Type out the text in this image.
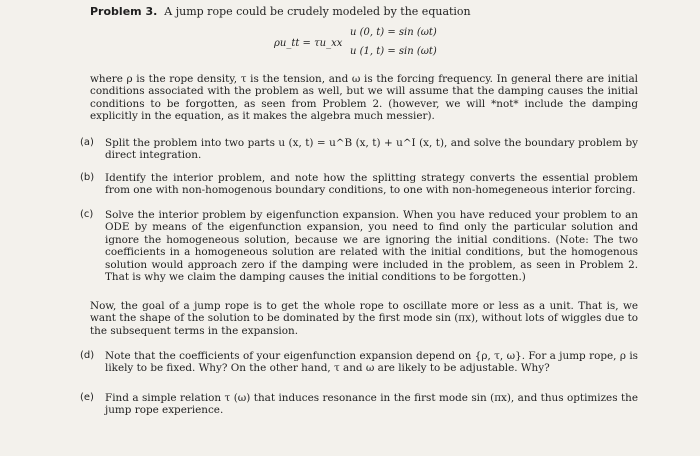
Problem 3. A jump rope could be crudely modeled by the equation
ρu_tt = τu_xx
u (0, t) = sin (ωt)
u (1, t) = sin (ωt)
where ρ is the rope density, τ is the tension, and ω is the forcing frequency. In general there are initial conditions associated with the problem as well, but we will assume that the damping causes the initial conditions to be forgotten, as seen from Problem 2. (however, we will *not* include the damping explicitly in the equation, as it makes the algebra much messier).
(a) Split the problem into two parts u (x, t) = u^B (x, t) + u^I (x, t), and solve the boundary problem by direct integration.
(b) Identify the interior problem, and note how the splitting strategy converts the essential problem from one with non-homogenous boundary conditions, to one with non-homegeneous interior forcing.
(c) Solve the interior problem by eigenfunction expansion. When you have reduced your problem to an ODE by means of the eigenfunction expansion, you need to find only the particular solution and ignore the homogeneous solution, because we are ignoring the initial conditions. (Note: The two coefficients in a homogeneous solution are related with the initial conditions, but the homogenous solution would approach zero if the damping were included in the problem, as seen in Problem 2. That is why we claim the damping causes the initial conditions to be forgotten.)
Now, the goal of a jump rope is to get the whole rope to oscillate more or less as a unit. That is, we want the shape of the solution to be dominated by the first mode sin (πx), without lots of wiggles due to the subsequent terms in the expansion.
(d) Note that the coefficients of your eigenfunction expansion depend on {ρ, τ, ω}. For a jump rope, ρ is likely to be fixed. Why? On the other hand, τ and ω are likely to be adjustable. Why?
(e) Find a simple relation τ (ω) that induces resonance in the first mode sin (πx), and thus optimizes the jump rope experience.
